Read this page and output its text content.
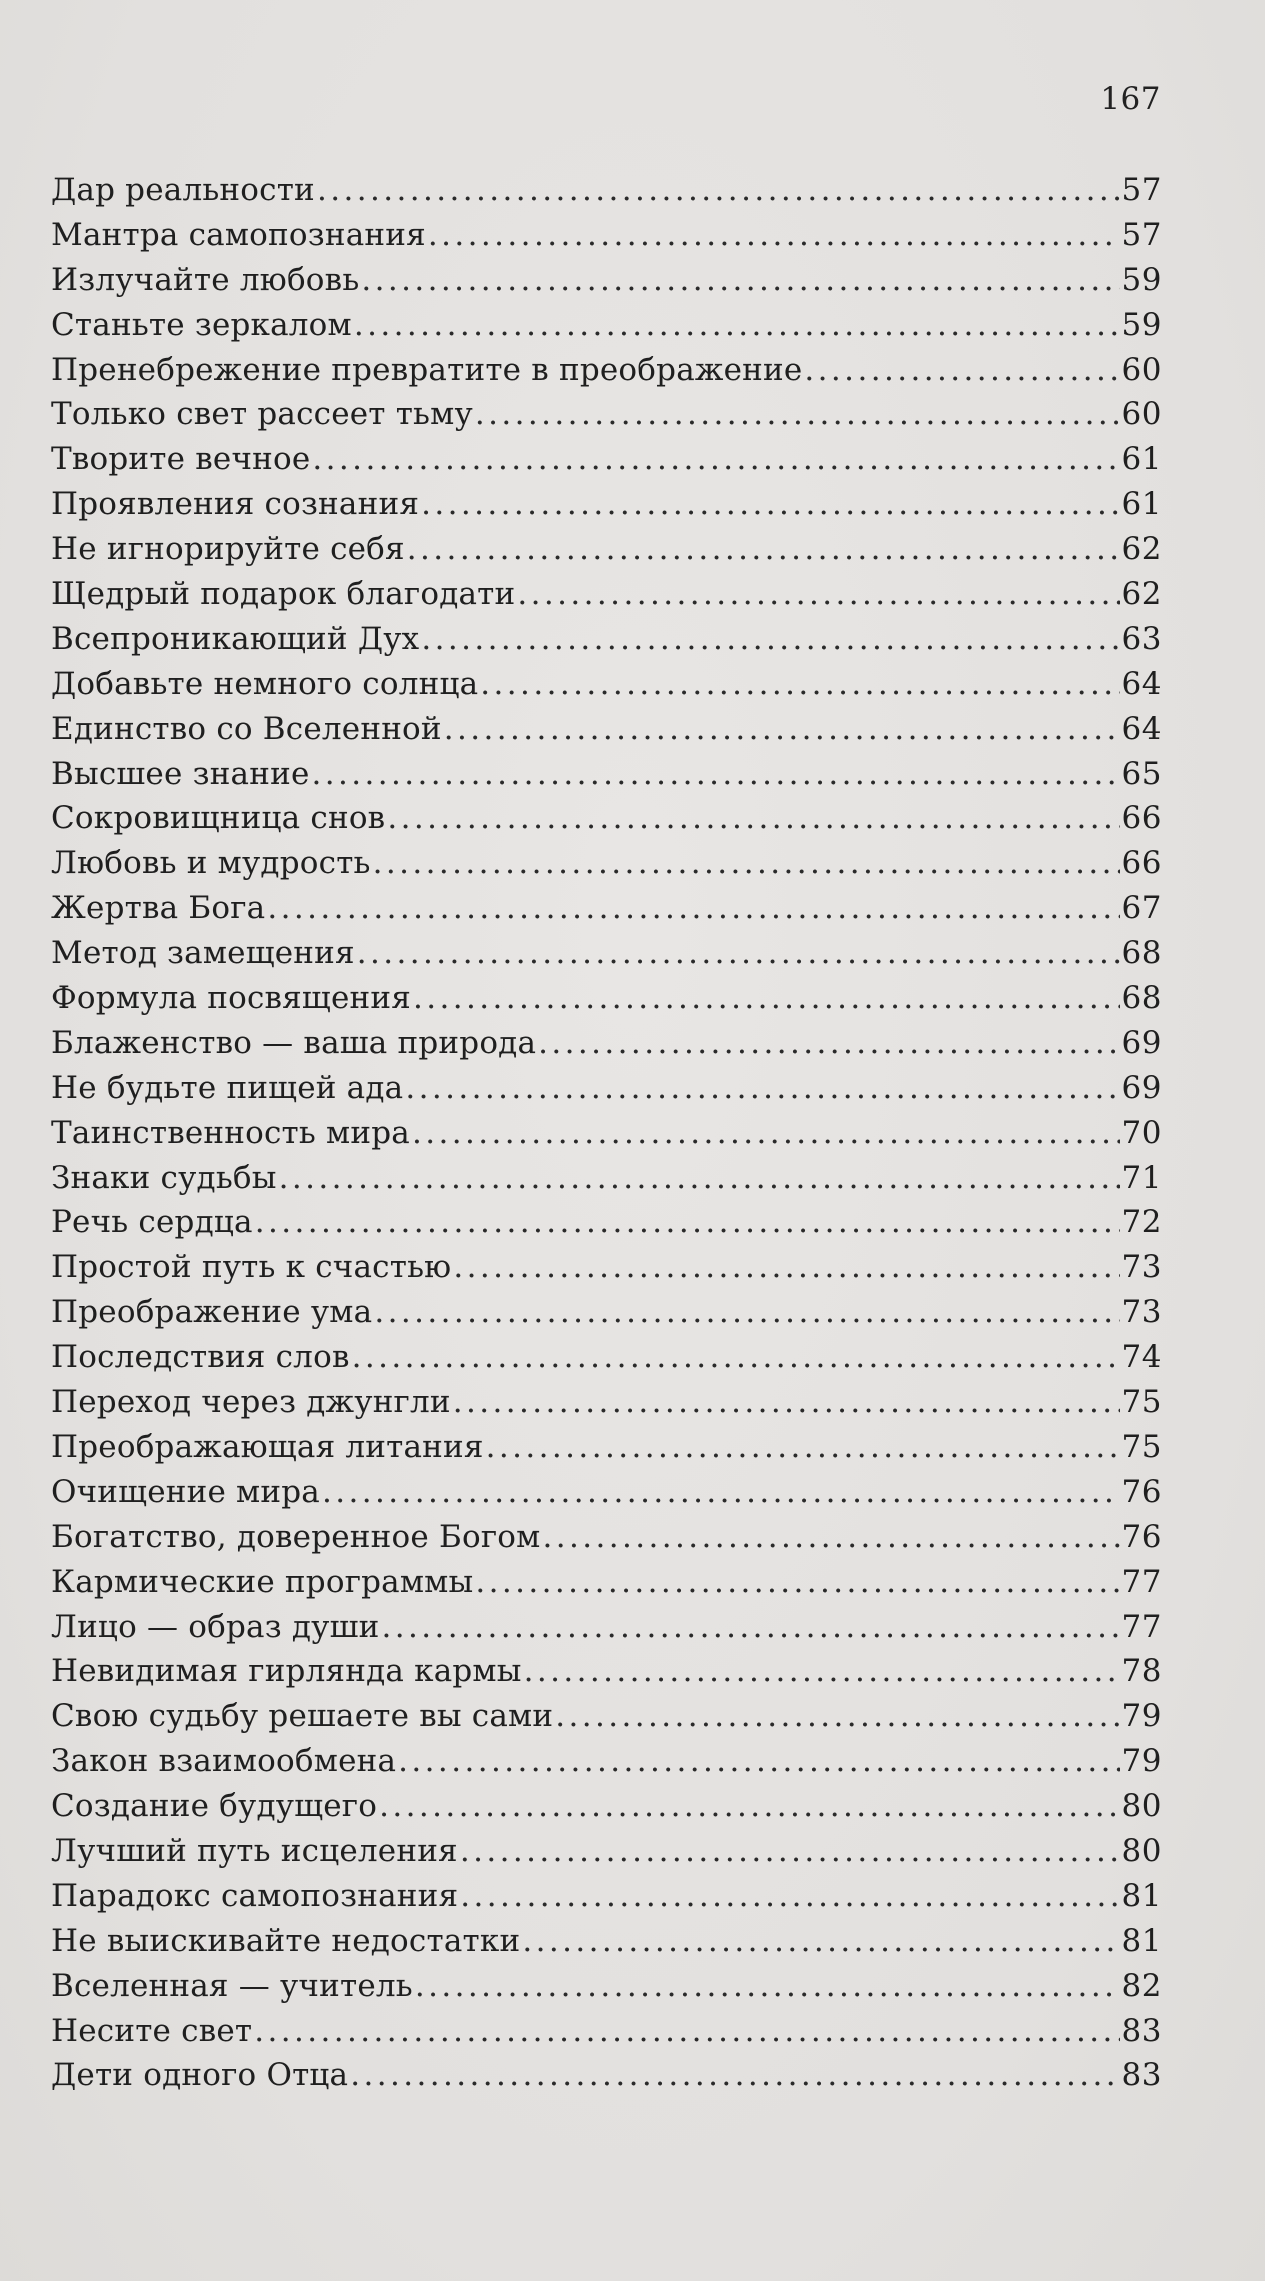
167
Дар реальности .....	57
Мантра самопознания .....	57
Излучайте любовь .....	59
Станьте зеркалом .....	59
Пренебрежение превратите в преображение .....	60
Только свет рассеет тьму .....	60
Творите вечное .....	61
Проявления сознания .....	61
Не игнорируйте себя .....	62
Щедрый подарок благодати .....	62
Всепроникающий Дух .....	63
Добавьте немного солнца .....	64
Единство со Вселенной .....	64
Высшее знание .....	65
Сокровищница снов .....	66
Любовь и мудрость .....	66
Жертва Бога .....	67
Метод замещения .....	68
Формула посвящения .....	68
Блаженство — ваша природа .....	69
Не будьте пищей ада .....	69
Таинственность мира .....	70
Знаки судьбы .....	71
Речь сердца .....	72
Простой путь к счастью .....	73
Преображение ума .....	73
Последствия слов .....	74
Переход через джунгли .....	75
Преображающая литания .....	75
Очищение мира .....	76
Богатство, доверенное Богом .....	76
Кармические программы .....	77
Лицо — образ души .....	77
Невидимая гирлянда кармы .....	78
Свою судьбу решаете вы сами .....	79
Закон взаимообмена .....	79
Создание будущего .....	80
Лучший путь исцеления .....	80
Парадокс самопознания .....	81
Не выискивайте недостатки .....	81
Вселенная — учитель .....	82
Несите свет .....	83
Дети одного Отца .....	83
